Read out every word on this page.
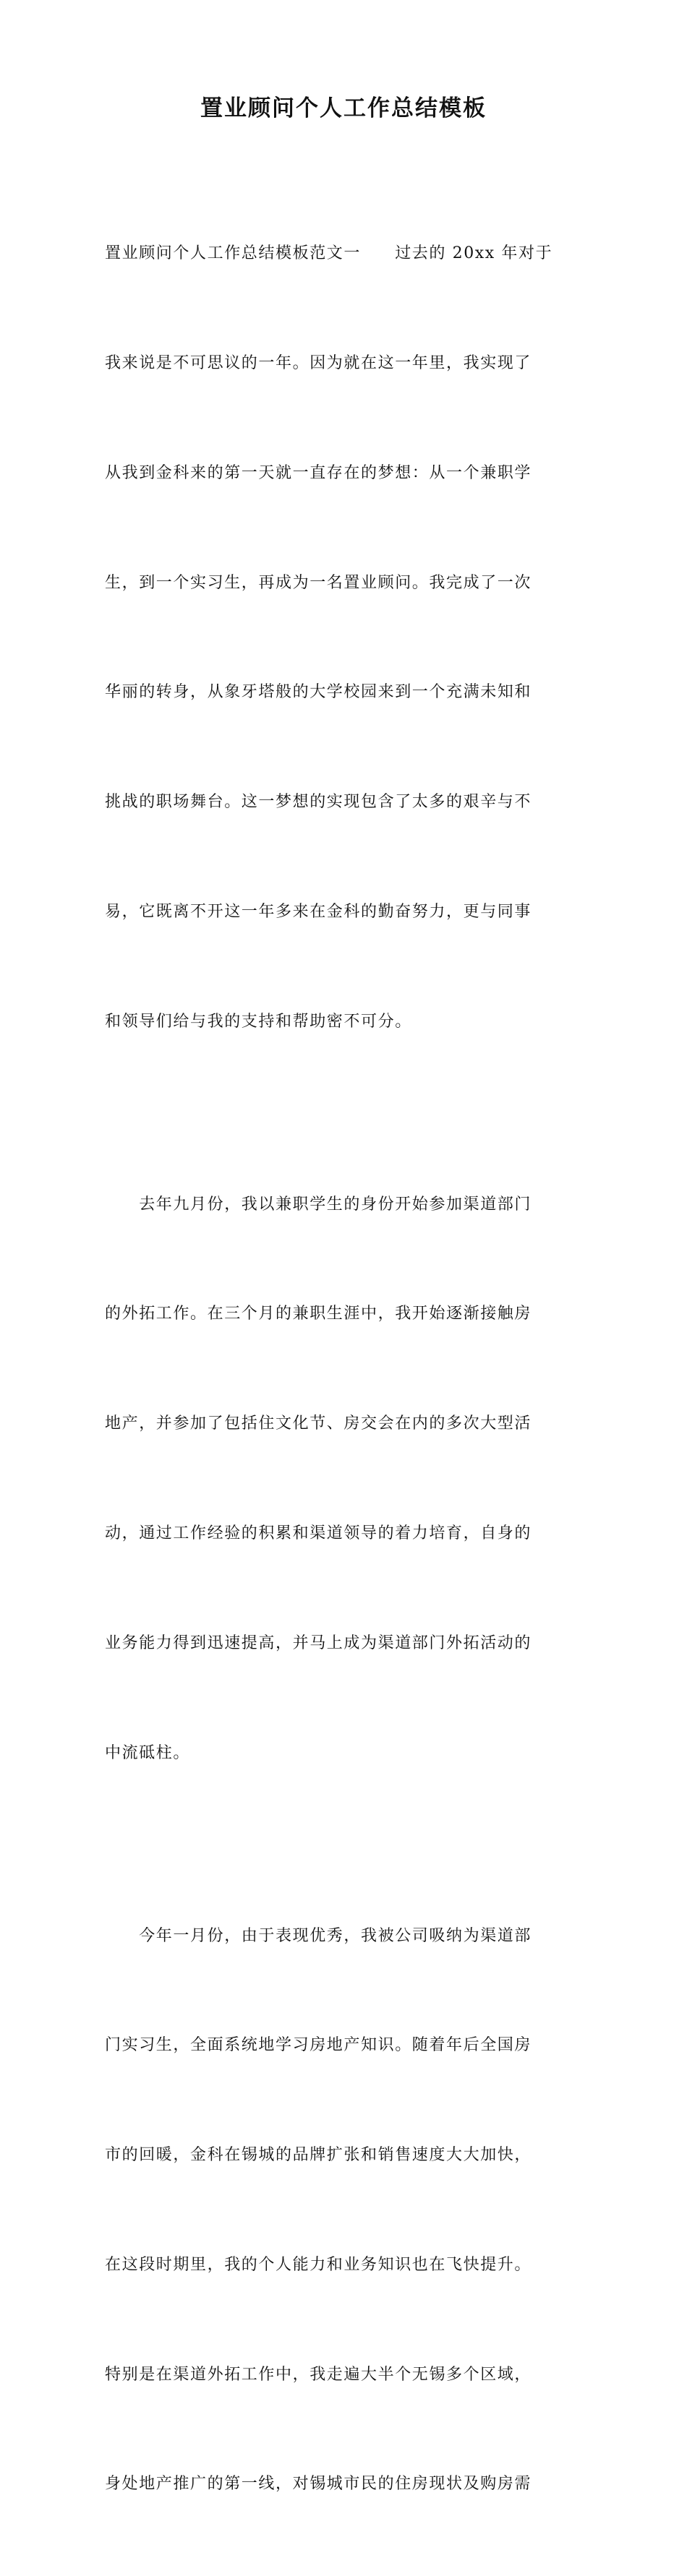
置业顾问个人工作总结模板

置业顾问个人工作总结模板范文一　　过去的 20xx 年对于

我来说是不可思议的一年。因为就在这一年里，我实现了

从我到金科来的第一天就一直存在的梦想：从一个兼职学

生，到一个实习生，再成为一名置业顾问。我完成了一次

华丽的转身，从象牙塔般的大学校园来到一个充满未知和

挑战的职场舞台。这一梦想的实现包含了太多的艰辛与不

易，它既离不开这一年多来在金科的勤奋努力，更与同事

和领导们给与我的支持和帮助密不可分。

　　去年九月份，我以兼职学生的身份开始参加渠道部门

的外拓工作。在三个月的兼职生涯中，我开始逐渐接触房

地产，并参加了包括住文化节、房交会在内的多次大型活

动，通过工作经验的积累和渠道领导的着力培育，自身的

业务能力得到迅速提高，并马上成为渠道部门外拓活动的

中流砥柱。

　　今年一月份，由于表现优秀，我被公司吸纳为渠道部

门实习生，全面系统地学习房地产知识。随着年后全国房

市的回暖，金科在锡城的品牌扩张和销售速度大大加快，

在这段时期里，我的个人能力和业务知识也在飞快提升。

特别是在渠道外拓工作中，我走遍大半个无锡多个区域，

身处地产推广的第一线，对锡城市民的住房现状及购房需
